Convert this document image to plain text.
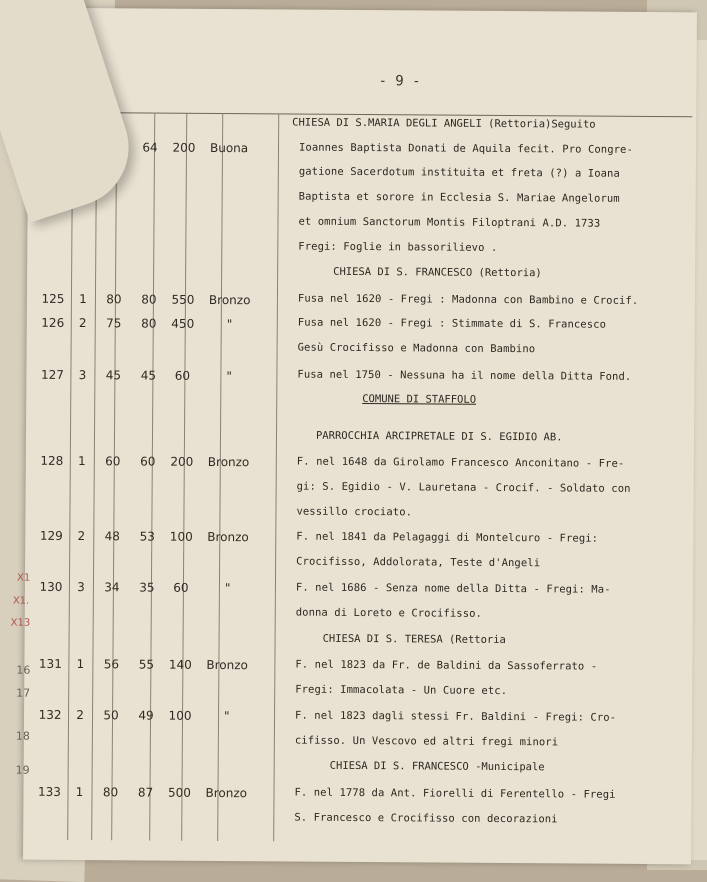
- 9 -
X1
X1.
X13
16
17
18
19
CHIESA DI S.MARIA DEGLI ANGELI (Rettoria)Seguito
64	200	Buona	Ioannes Baptista Donati de Aquila fecit. Pro Congre-
gatione Sacerdotum instituita et freta (?) a Ioana
Baptista et sorore in Ecclesia S. Mariae Angelorum
et omnium Sanctorum Montis Filoptrani A.D. 1733
Fregi: Foglie in bassorilievo .
CHIESA DI S. FRANCESCO (Rettoria)
125	1	80	80	550	Bronzo	Fusa nel 1620 - Fregi : Madonna con Bambino e Crocif.
126	2	75	80	450	"	Fusa nel 1620 - Fregi : Stimmate di S. Francesco
Gesù Crocifisso e Madonna con Bambino
127	3	45	45	60	"	Fusa nel 1750 - Nessuna ha il nome della Ditta Fond.
COMUNE DI STAFFOLO
PARROCCHIA ARCIPRETALE DI S. EGIDIO AB.
128	1	60	60	200	Bronzo	F. nel 1648 da Girolamo Francesco Anconitano - Fre-
gi: S. Egidio - V. Lauretana - Crocif. - Soldato con
vessillo crociato.
129	2	48	53	100	Bronzo	F. nel 1841 da Pelagaggi di Montelcuro - Fregi:
Crocifisso, Addolorata, Teste d'Angeli
130	3	34	35	60	"	F. nel 1686 - Senza nome della Ditta - Fregi: Ma-
donna di Loreto e Crocifisso.
CHIESA DI S. TERESA (Rettoria
131	1	56	55	140	Bronzo	F. nel 1823 da Fr. de Baldini da Sassoferrato -
Fregi: Immacolata - Un Cuore etc.
132	2	50	49	100	"	F. nel 1823 dagli stessi Fr. Baldini - Fregi: Cro-
cifisso. Un Vescovo ed altri fregi minori
CHIESA DI S. FRANCESCO -Municipale
133	1	80	87	500	Bronzo	F. nel 1778 da Ant. Fiorelli di Ferentello - Fregi
S. Francesco e Crocifisso con decorazioni
